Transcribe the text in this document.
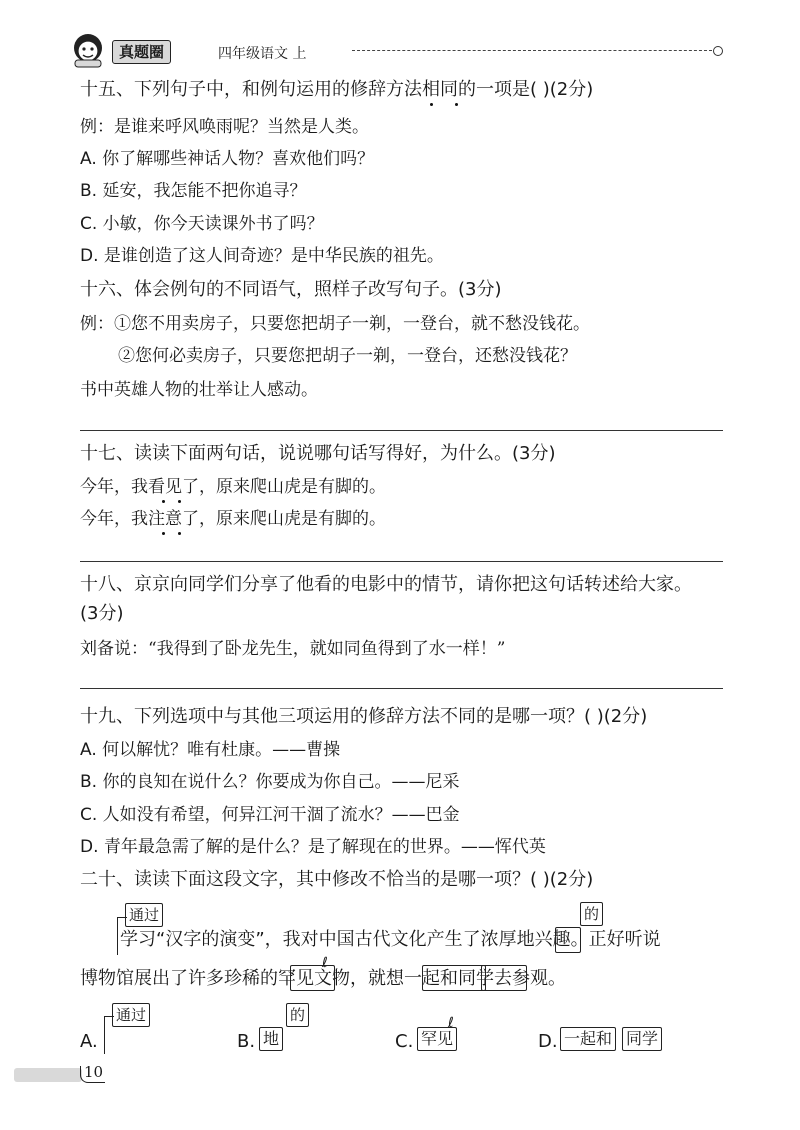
真题圈	四年级语文 上
十五、下列句子中，和例句运用的修辞方法相同的一项是( )(2分)
例：是谁来呼风唤雨呢？当然是人类。
A. 你了解哪些神话人物？喜欢他们吗？
B. 延安，我怎能不把你追寻？
C. 小敏，你今天读课外书了吗？
D. 是谁创造了这人间奇迹？是中华民族的祖先。
十六、体会例句的不同语气，照样子改写句子。(3分)
例：①您不用卖房子，只要您把胡子一剃，一登台，就不愁没钱花。
②您何必卖房子，只要您把胡子一剃，一登台，还愁没钱花？
书中英雄人物的壮举让人感动。
十七、读读下面两句话，说说哪句话写得好，为什么。(3分)
今年，我看见了，原来爬山虎是有脚的。
今年，我注意了，原来爬山虎是有脚的。
十八、京京向同学们分享了他看的电影中的情节，请你把这句话转述给大家。
(3分)
刘备说：“我得到了卧龙先生，就如同鱼得到了水一样！”
十九、下列选项中与其他三项运用的修辞方法不同的是哪一项？( )(2分)
A. 何以解忧？唯有杜康。——曹操
B. 你的良知在说什么？你要成为你自己。——尼采
C. 人如没有希望，何异江河干涸了流水？——巴金
D. 青年最急需了解的是什么？是了解现在的世界。——恽代英
二十、读读下面这段文字，其中修改不恰当的是哪一项？( )(2分)
通过	的
学习“汉字的演变”，我对中国古代文化产生了浓厚地兴趣。正好听说
博物馆展出了许多珍稀的罕见文物，就想一起和同学去参观。
ℓ
A.
通过
B.
的
地	C. 罕见
ℓ
D. 一起和 同学
10
